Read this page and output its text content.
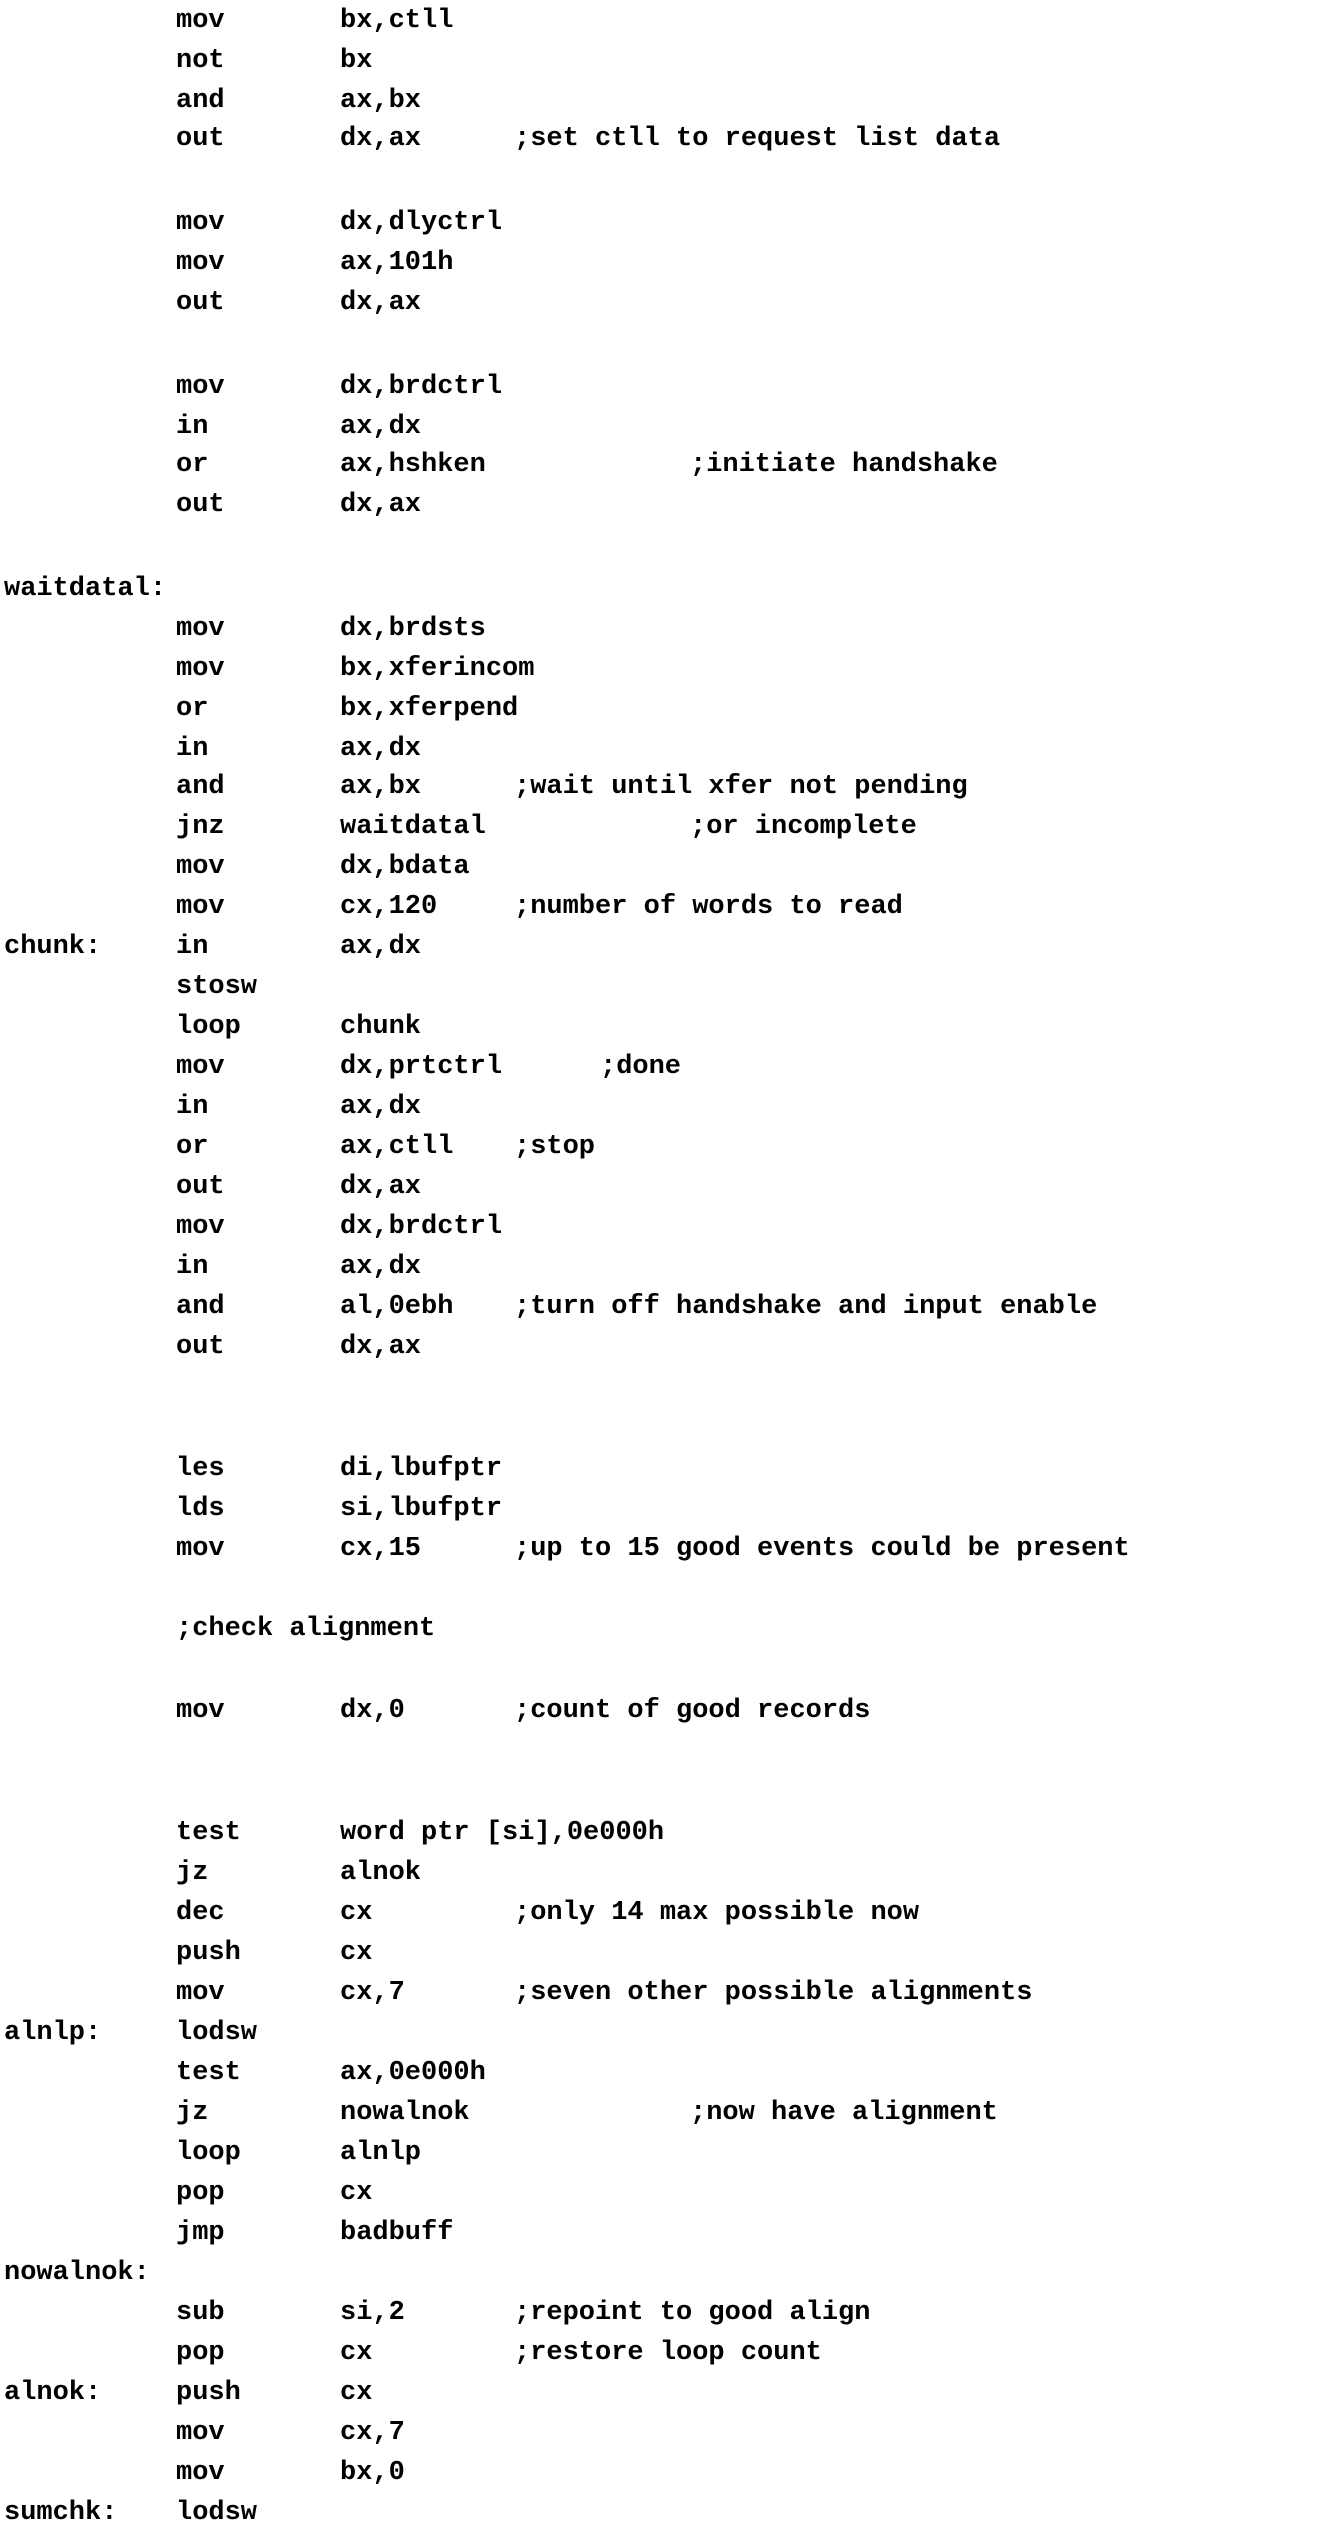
mov	bx,ctll
not	bx
and	ax,bx
out	dx,ax	;set ctll to request list data
mov	dx,dlyctrl
mov	ax,101h
out	dx,ax
mov	dx,brdctrl
in	ax,dx
or	ax,hshken	;initiate handshake
out	dx,ax
waitdatal:
mov	dx,brdsts
mov	bx,xferincom
or	bx,xferpend
in	ax,dx
and	ax,bx	;wait until xfer not pending
jnz	waitdatal	;or incomplete
mov	dx,bdata
mov	cx,120	;number of words to read
chunk:	in	ax,dx
stosw
loop	chunk
mov	dx,prtctrl	;done
in	ax,dx
or	ax,ctll ;stop
out	dx,ax
mov	dx,brdctrl
in	ax,dx
and	al,0ebh ;turn off handshake and input enable
out	dx,ax
les	di,lbufptr
lds	si,lbufptr
mov	cx,15	;up to 15 good events could be present
;check alignment
mov	dx,0	;count of good records
test	word ptr [si],0e000h
jz	alnok
dec	cx	;only 14 max possible now
push	cx
mov	cx,7	;seven other possible alignments
alnlp:	lodsw
test	ax,0e000h
jz	nowalnok	;now have alignment
loop	alnlp
pop	cx
jmp	badbuff
nowalnok:
sub	si,2	;repoint to good align
pop	cx	;restore loop count
alnok:	push	cx
mov	cx,7
mov	bx,0
sumchk: lodsw
